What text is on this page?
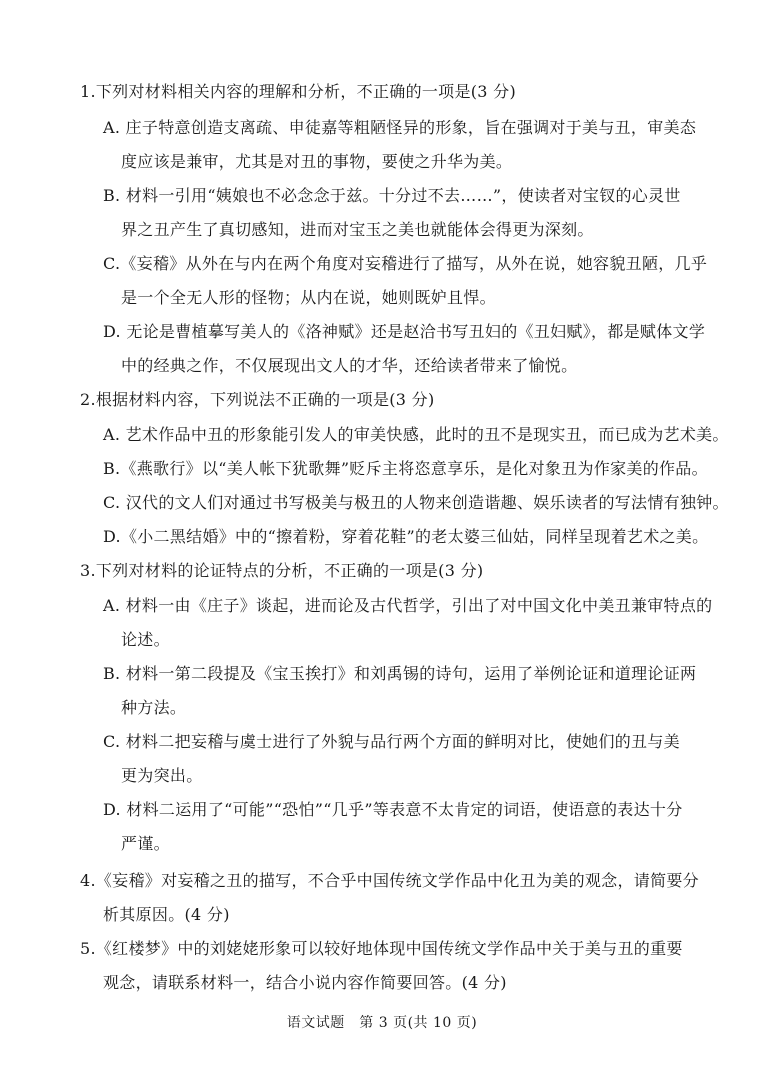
1.下列对材料相关内容的理解和分析，不正确的一项是(3 分)
A. 庄子特意创造支离疏、申徒嘉等粗陋怪异的形象，旨在强调对于美与丑，审美态
度应该是兼审，尤其是对丑的事物，要使之升华为美。
B. 材料一引用“姨娘也不必念念于兹。十分过不去……”，使读者对宝钗的心灵世
界之丑产生了真切感知，进而对宝玉之美也就能体会得更为深刻。
C.《妄稽》从外在与内在两个角度对妄稽进行了描写，从外在说，她容貌丑陋，几乎
是一个全无人形的怪物；从内在说，她则既妒且悍。
D. 无论是曹植摹写美人的《洛神赋》还是赵洽书写丑妇的《丑妇赋》，都是赋体文学
中的经典之作，不仅展现出文人的才华，还给读者带来了愉悦。
2.根据材料内容，下列说法不正确的一项是(3 分)
A. 艺术作品中丑的形象能引发人的审美快感，此时的丑不是现实丑，而已成为艺术美。
B.《燕歌行》以“美人帐下犹歌舞”贬斥主将恣意享乐，是化对象丑为作家美的作品。
C. 汉代的文人们对通过书写极美与极丑的人物来创造谐趣、娱乐读者的写法情有独钟。
D.《小二黑结婚》中的“擦着粉，穿着花鞋”的老太婆三仙姑，同样呈现着艺术之美。
3.下列对材料的论证特点的分析，不正确的一项是(3 分)
A. 材料一由《庄子》谈起，进而论及古代哲学，引出了对中国文化中美丑兼审特点的
论述。
B. 材料一第二段提及《宝玉挨打》和刘禹锡的诗句，运用了举例论证和道理论证两
种方法。
C. 材料二把妄稽与虞士进行了外貌与品行两个方面的鲜明对比，使她们的丑与美
更为突出。
D. 材料二运用了“可能”“恐怕”“几乎”等表意不太肯定的词语，使语意的表达十分
严谨。
4.《妄稽》对妄稽之丑的描写，不合乎中国传统文学作品中化丑为美的观念，请简要分
析其原因。(4 分)
5.《红楼梦》中的刘姥姥形象可以较好地体现中国传统文学作品中关于美与丑的重要
观念，请联系材料一，结合小说内容作简要回答。(4 分)
语文试题　第 3 页(共 10 页)
